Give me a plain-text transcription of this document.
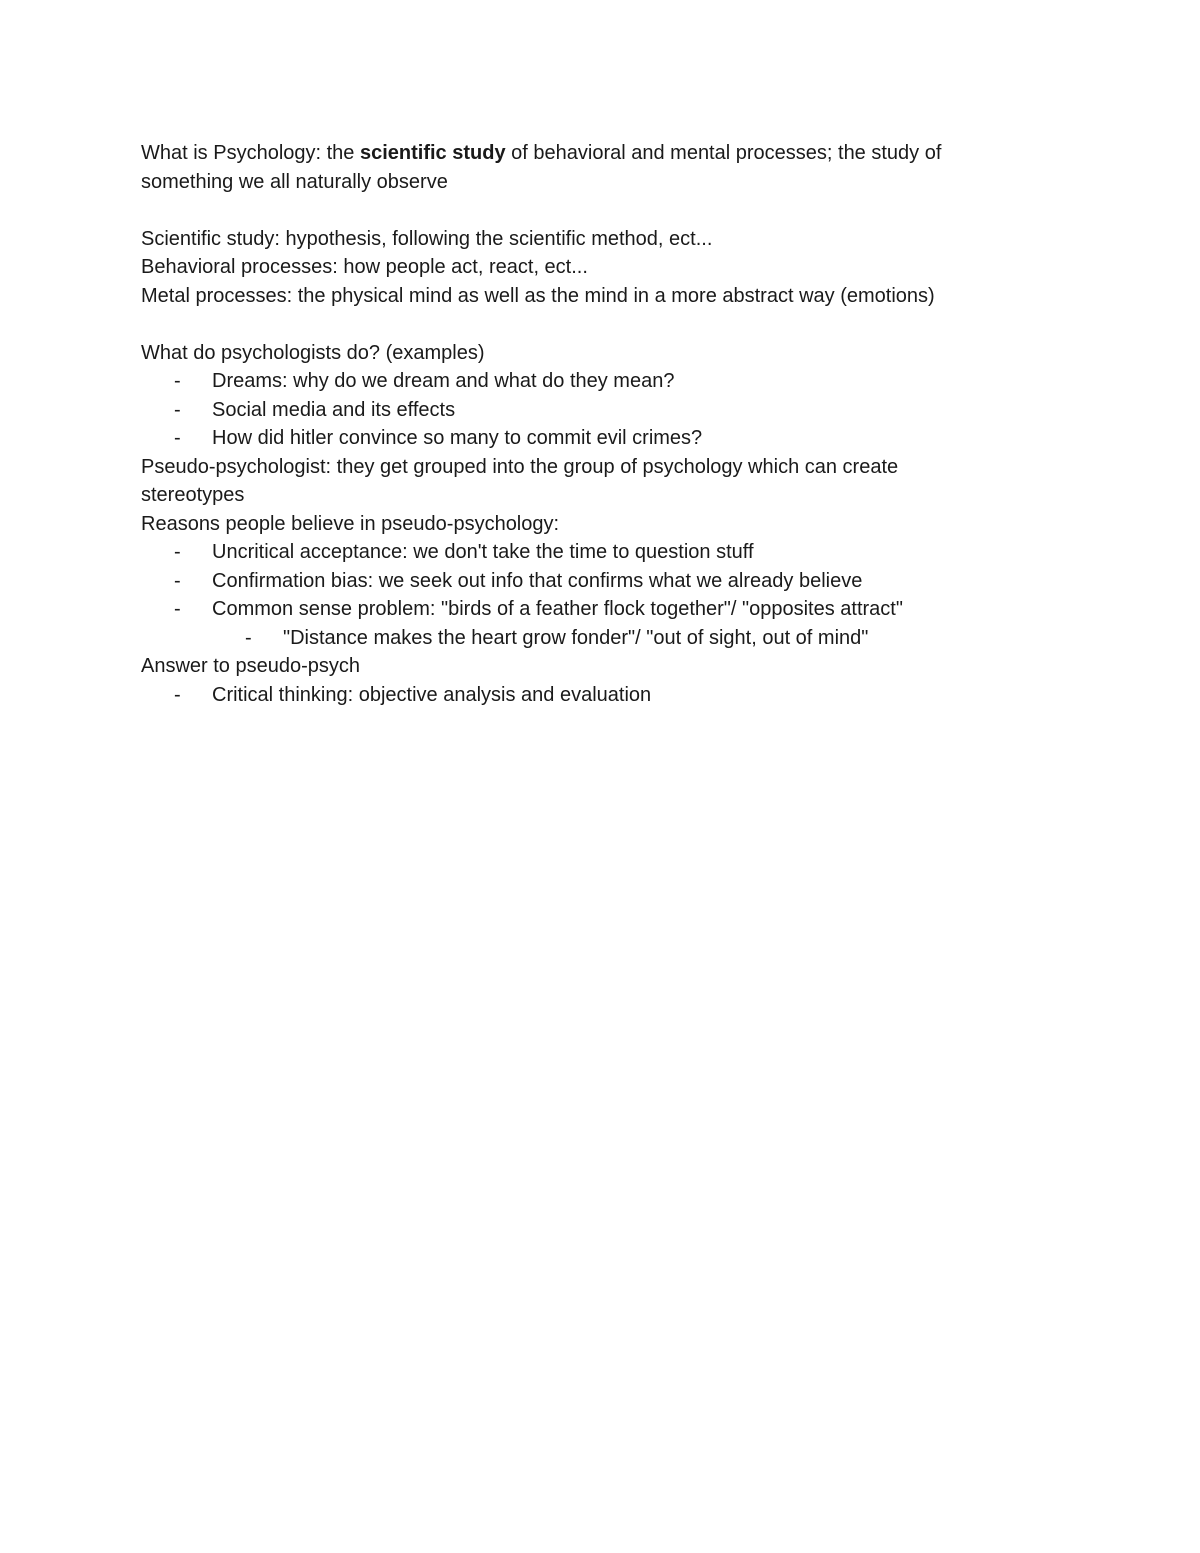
What is Psychology: the scientific study of behavioral and mental processes; the study of
something we all naturally observe
Scientific study: hypothesis, following the scientific method, ect...
Behavioral processes: how people act, react, ect...
Metal processes: the physical mind as well as the mind in a more abstract way (emotions)
What do psychologists do? (examples)
- Dreams: why do we dream and what do they mean?
- Social media and its effects
- How did hitler convince so many to commit evil crimes?
Pseudo-psychologist: they get grouped into the group of psychology which can create
stereotypes
Reasons people believe in pseudo-psychology:
- Uncritical acceptance: we don't take the time to question stuff
- Confirmation bias: we seek out info that confirms what we already believe
- Common sense problem: "birds of a feather flock together"/ "opposites attract"
- "Distance makes the heart grow fonder"/ "out of sight, out of mind"
Answer to pseudo-psych
- Critical thinking: objective analysis and evaluation
